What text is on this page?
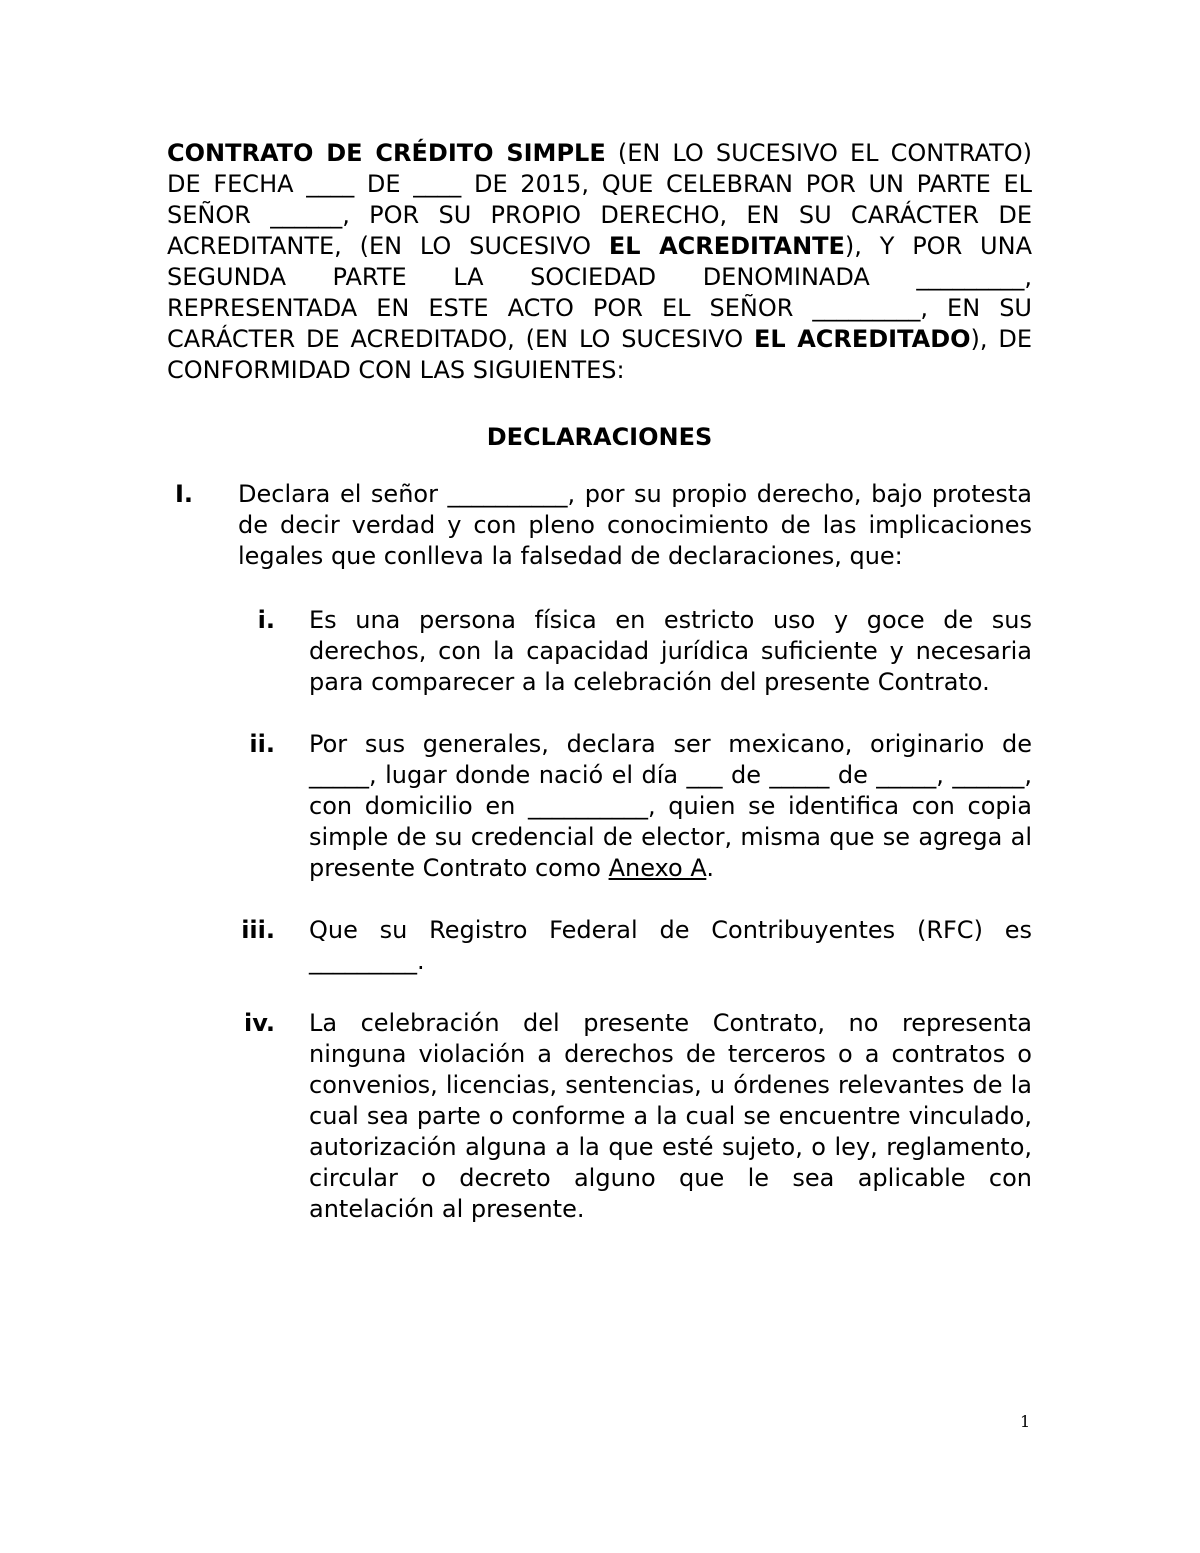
CONTRATO DE CRÉDITO SIMPLE (EN LO SUCESIVO EL CONTRATO) DE FECHA ____ DE ____ DE 2015, QUE CELEBRAN POR UN PARTE EL SEÑOR ______, POR SU PROPIO DERECHO, EN SU CARÁCTER DE ACREDITANTE, (EN LO SUCESIVO EL ACREDITANTE), Y POR UNA SEGUNDA PARTE LA SOCIEDAD DENOMINADA _________, REPRESENTADA EN ESTE ACTO POR EL SEÑOR _________, EN SU CARÁCTER DE ACREDITADO, (EN LO SUCESIVO EL ACREDITADO), DE CONFORMIDAD CON LAS SIGUIENTES:

DECLARACIONES
I. Declara el señor __________, por su propio derecho, bajo protesta de decir verdad y con pleno conocimiento de las implicaciones legales que conlleva la falsedad de declaraciones, que:

i. Es una persona física en estricto uso y goce de sus derechos, con la capacidad jurídica suficiente y necesaria para comparecer a la celebración del presente Contrato.

ii. Por sus generales, declara ser mexicano, originario de _____, lugar donde nació el día ___ de _____ de _____, ______, con domicilio en __________, quien se identifica con copia simple de su credencial de elector, misma que se agrega al presente Contrato como Anexo A.

iii. Que su Registro Federal de Contribuyentes (RFC) es _________.

iv. La celebración del presente Contrato, no representa ninguna violación a derechos de terceros o a contratos o convenios, licencias, sentencias, u órdenes relevantes de la cual sea parte o conforme a la cual se encuentre vinculado, autorización alguna a la que esté sujeto, o ley, reglamento, circular o decreto alguno que le sea aplicable con antelación al presente.

1
